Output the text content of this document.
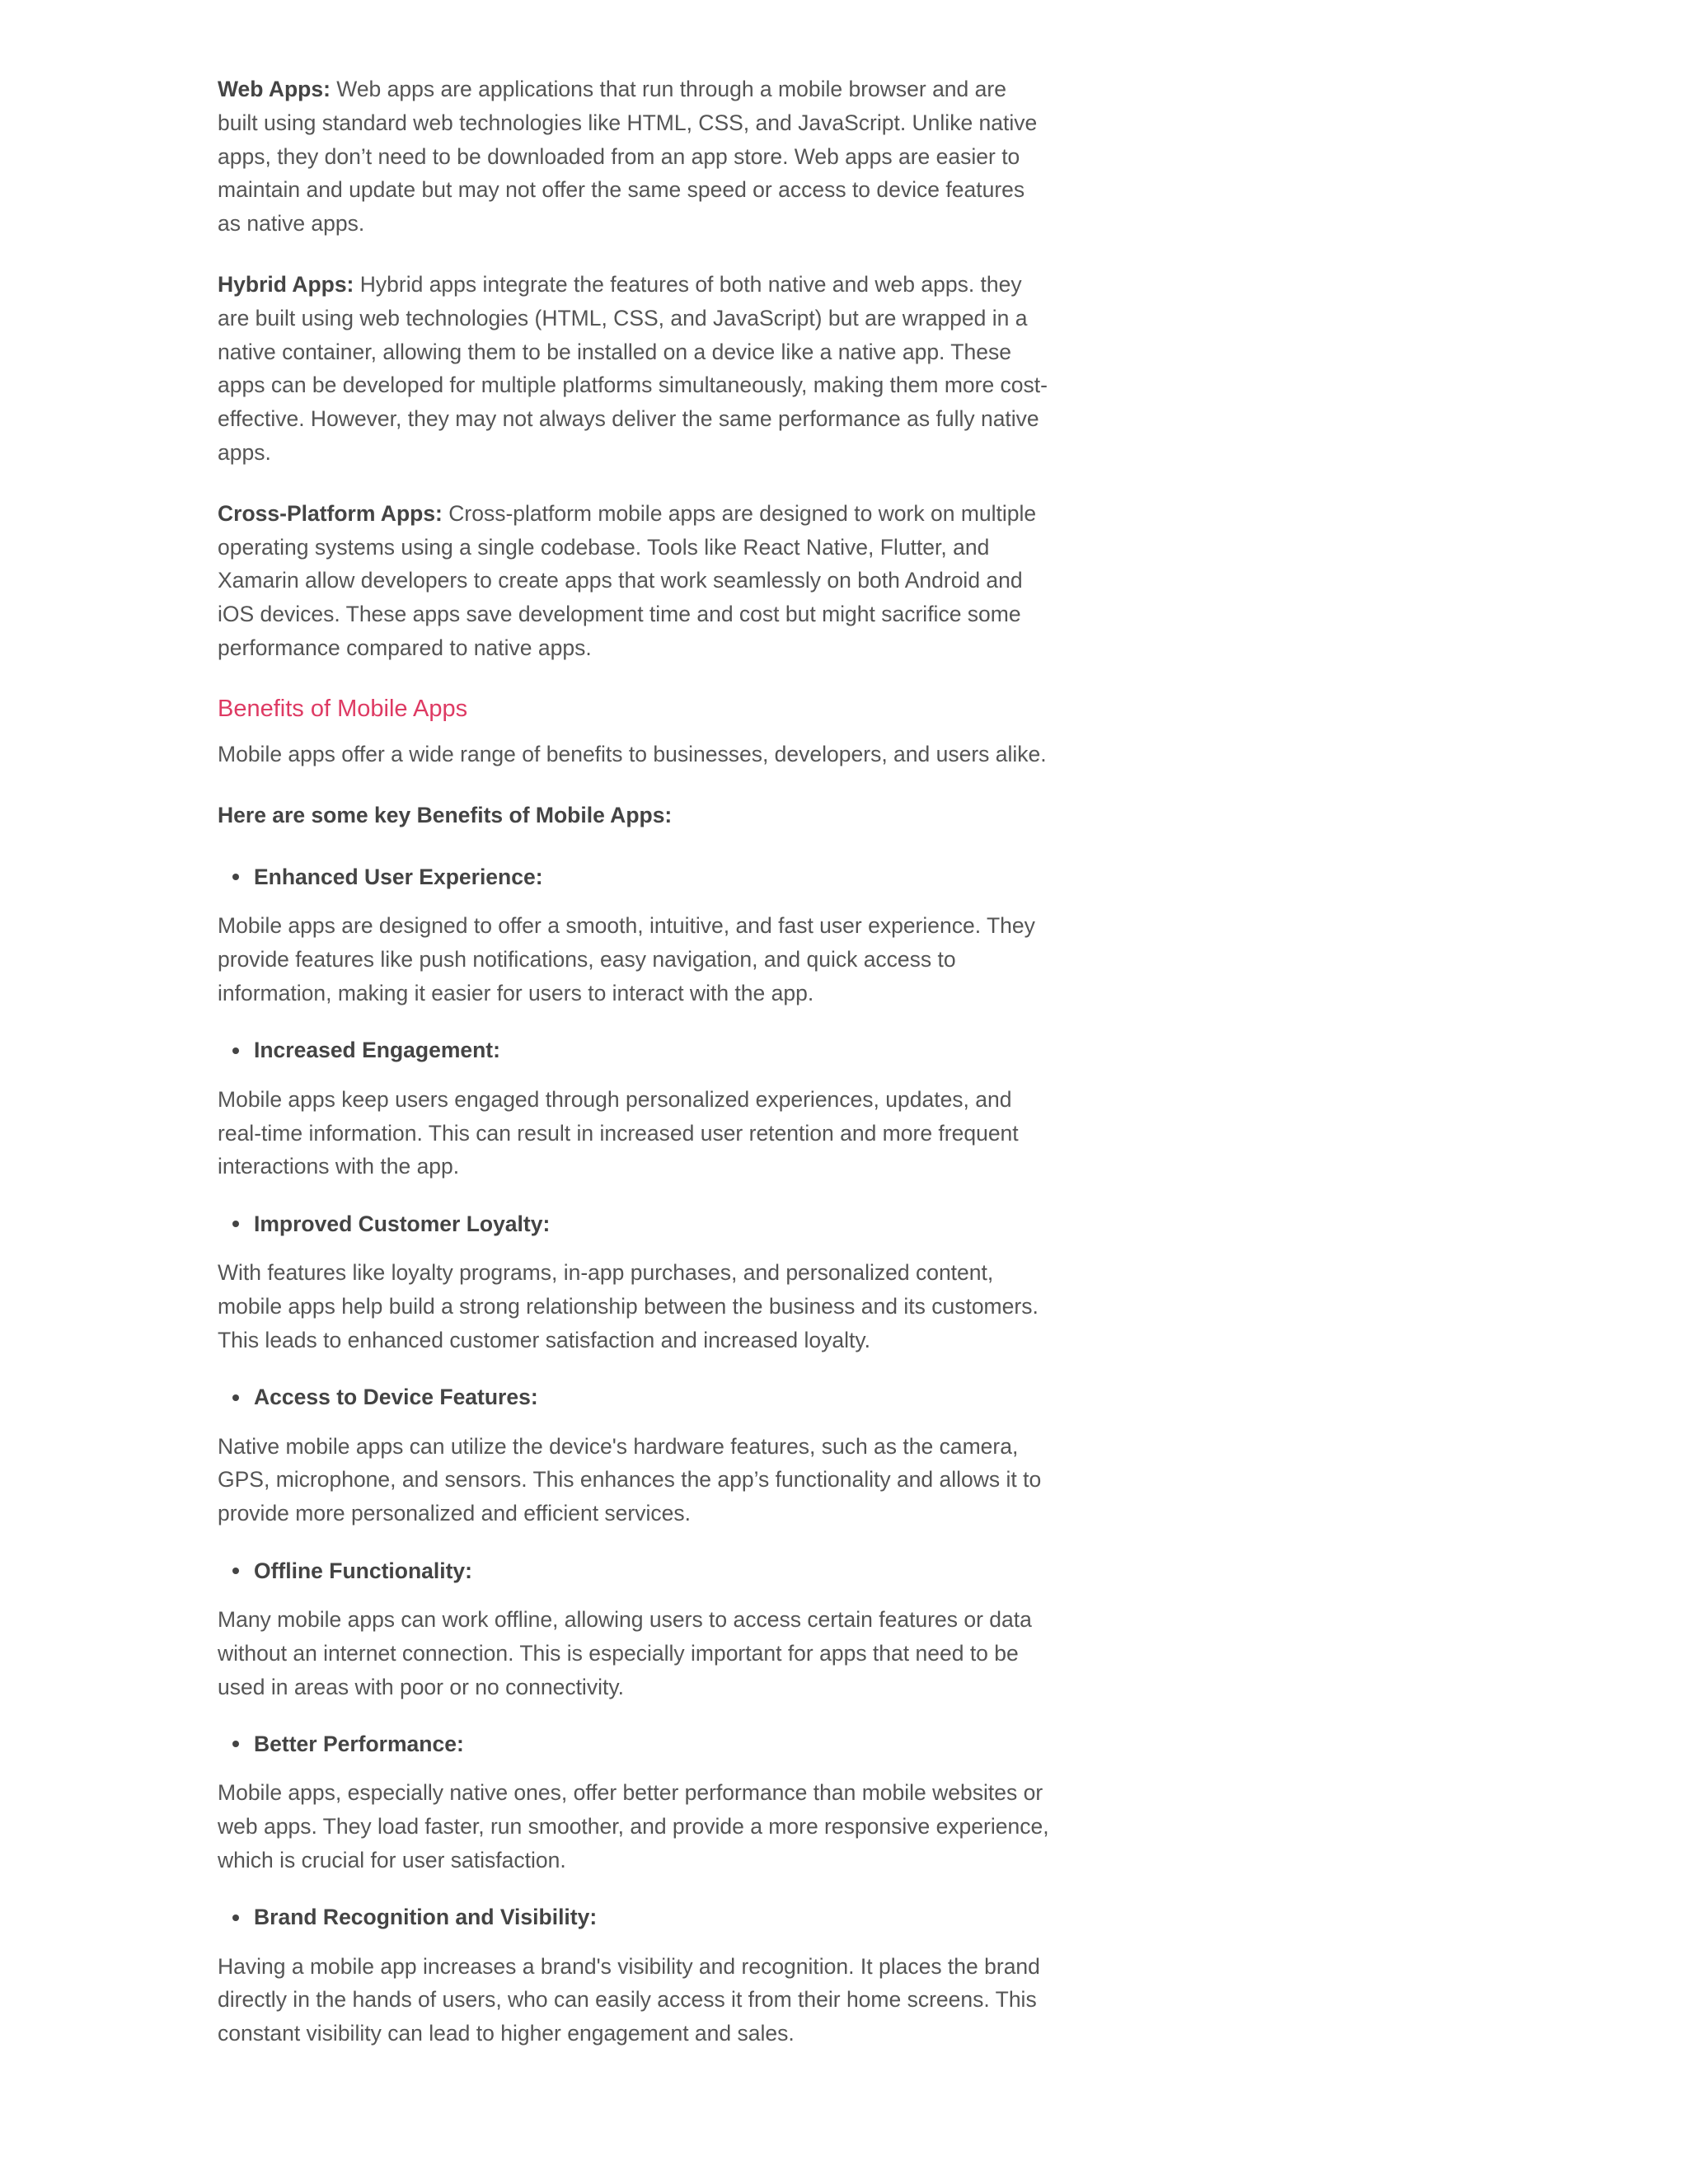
Web Apps: Web apps are applications that run through a mobile browser and are built using standard web technologies like HTML, CSS, and JavaScript. Unlike native apps, they don’t need to be downloaded from an app store. Web apps are easier to maintain and update but may not offer the same speed or access to device features as native apps.

Hybrid Apps: Hybrid apps integrate the features of both native and web apps. they are built using web technologies (HTML, CSS, and JavaScript) but are wrapped in a native container, allowing them to be installed on a device like a native app. These apps can be developed for multiple platforms simultaneously, making them more cost-effective. However, they may not always deliver the same performance as fully native apps.

Cross-Platform Apps: Cross-platform mobile apps are designed to work on multiple operating systems using a single codebase. Tools like React Native, Flutter, and Xamarin allow developers to create apps that work seamlessly on both Android and iOS devices. These apps save development time and cost but might sacrifice some performance compared to native apps.

Benefits of Mobile Apps

Mobile apps offer a wide range of benefits to businesses, developers, and users alike.

Here are some key Benefits of Mobile Apps:

Enhanced User Experience:

Mobile apps are designed to offer a smooth, intuitive, and fast user experience. They provide features like push notifications, easy navigation, and quick access to information, making it easier for users to interact with the app.

Increased Engagement:

Mobile apps keep users engaged through personalized experiences, updates, and real-time information. This can result in increased user retention and more frequent interactions with the app.

Improved Customer Loyalty:

With features like loyalty programs, in-app purchases, and personalized content, mobile apps help build a strong relationship between the business and its customers. This leads to enhanced customer satisfaction and increased loyalty.

Access to Device Features:

Native mobile apps can utilize the device's hardware features, such as the camera, GPS, microphone, and sensors. This enhances the app’s functionality and allows it to provide more personalized and efficient services.

Offline Functionality:

Many mobile apps can work offline, allowing users to access certain features or data without an internet connection. This is especially important for apps that need to be used in areas with poor or no connectivity.

Better Performance:

Mobile apps, especially native ones, offer better performance than mobile websites or web apps. They load faster, run smoother, and provide a more responsive experience, which is crucial for user satisfaction.

Brand Recognition and Visibility:

Having a mobile app increases a brand's visibility and recognition. It places the brand directly in the hands of users, who can easily access it from their home screens. This constant visibility can lead to higher engagement and sales.
